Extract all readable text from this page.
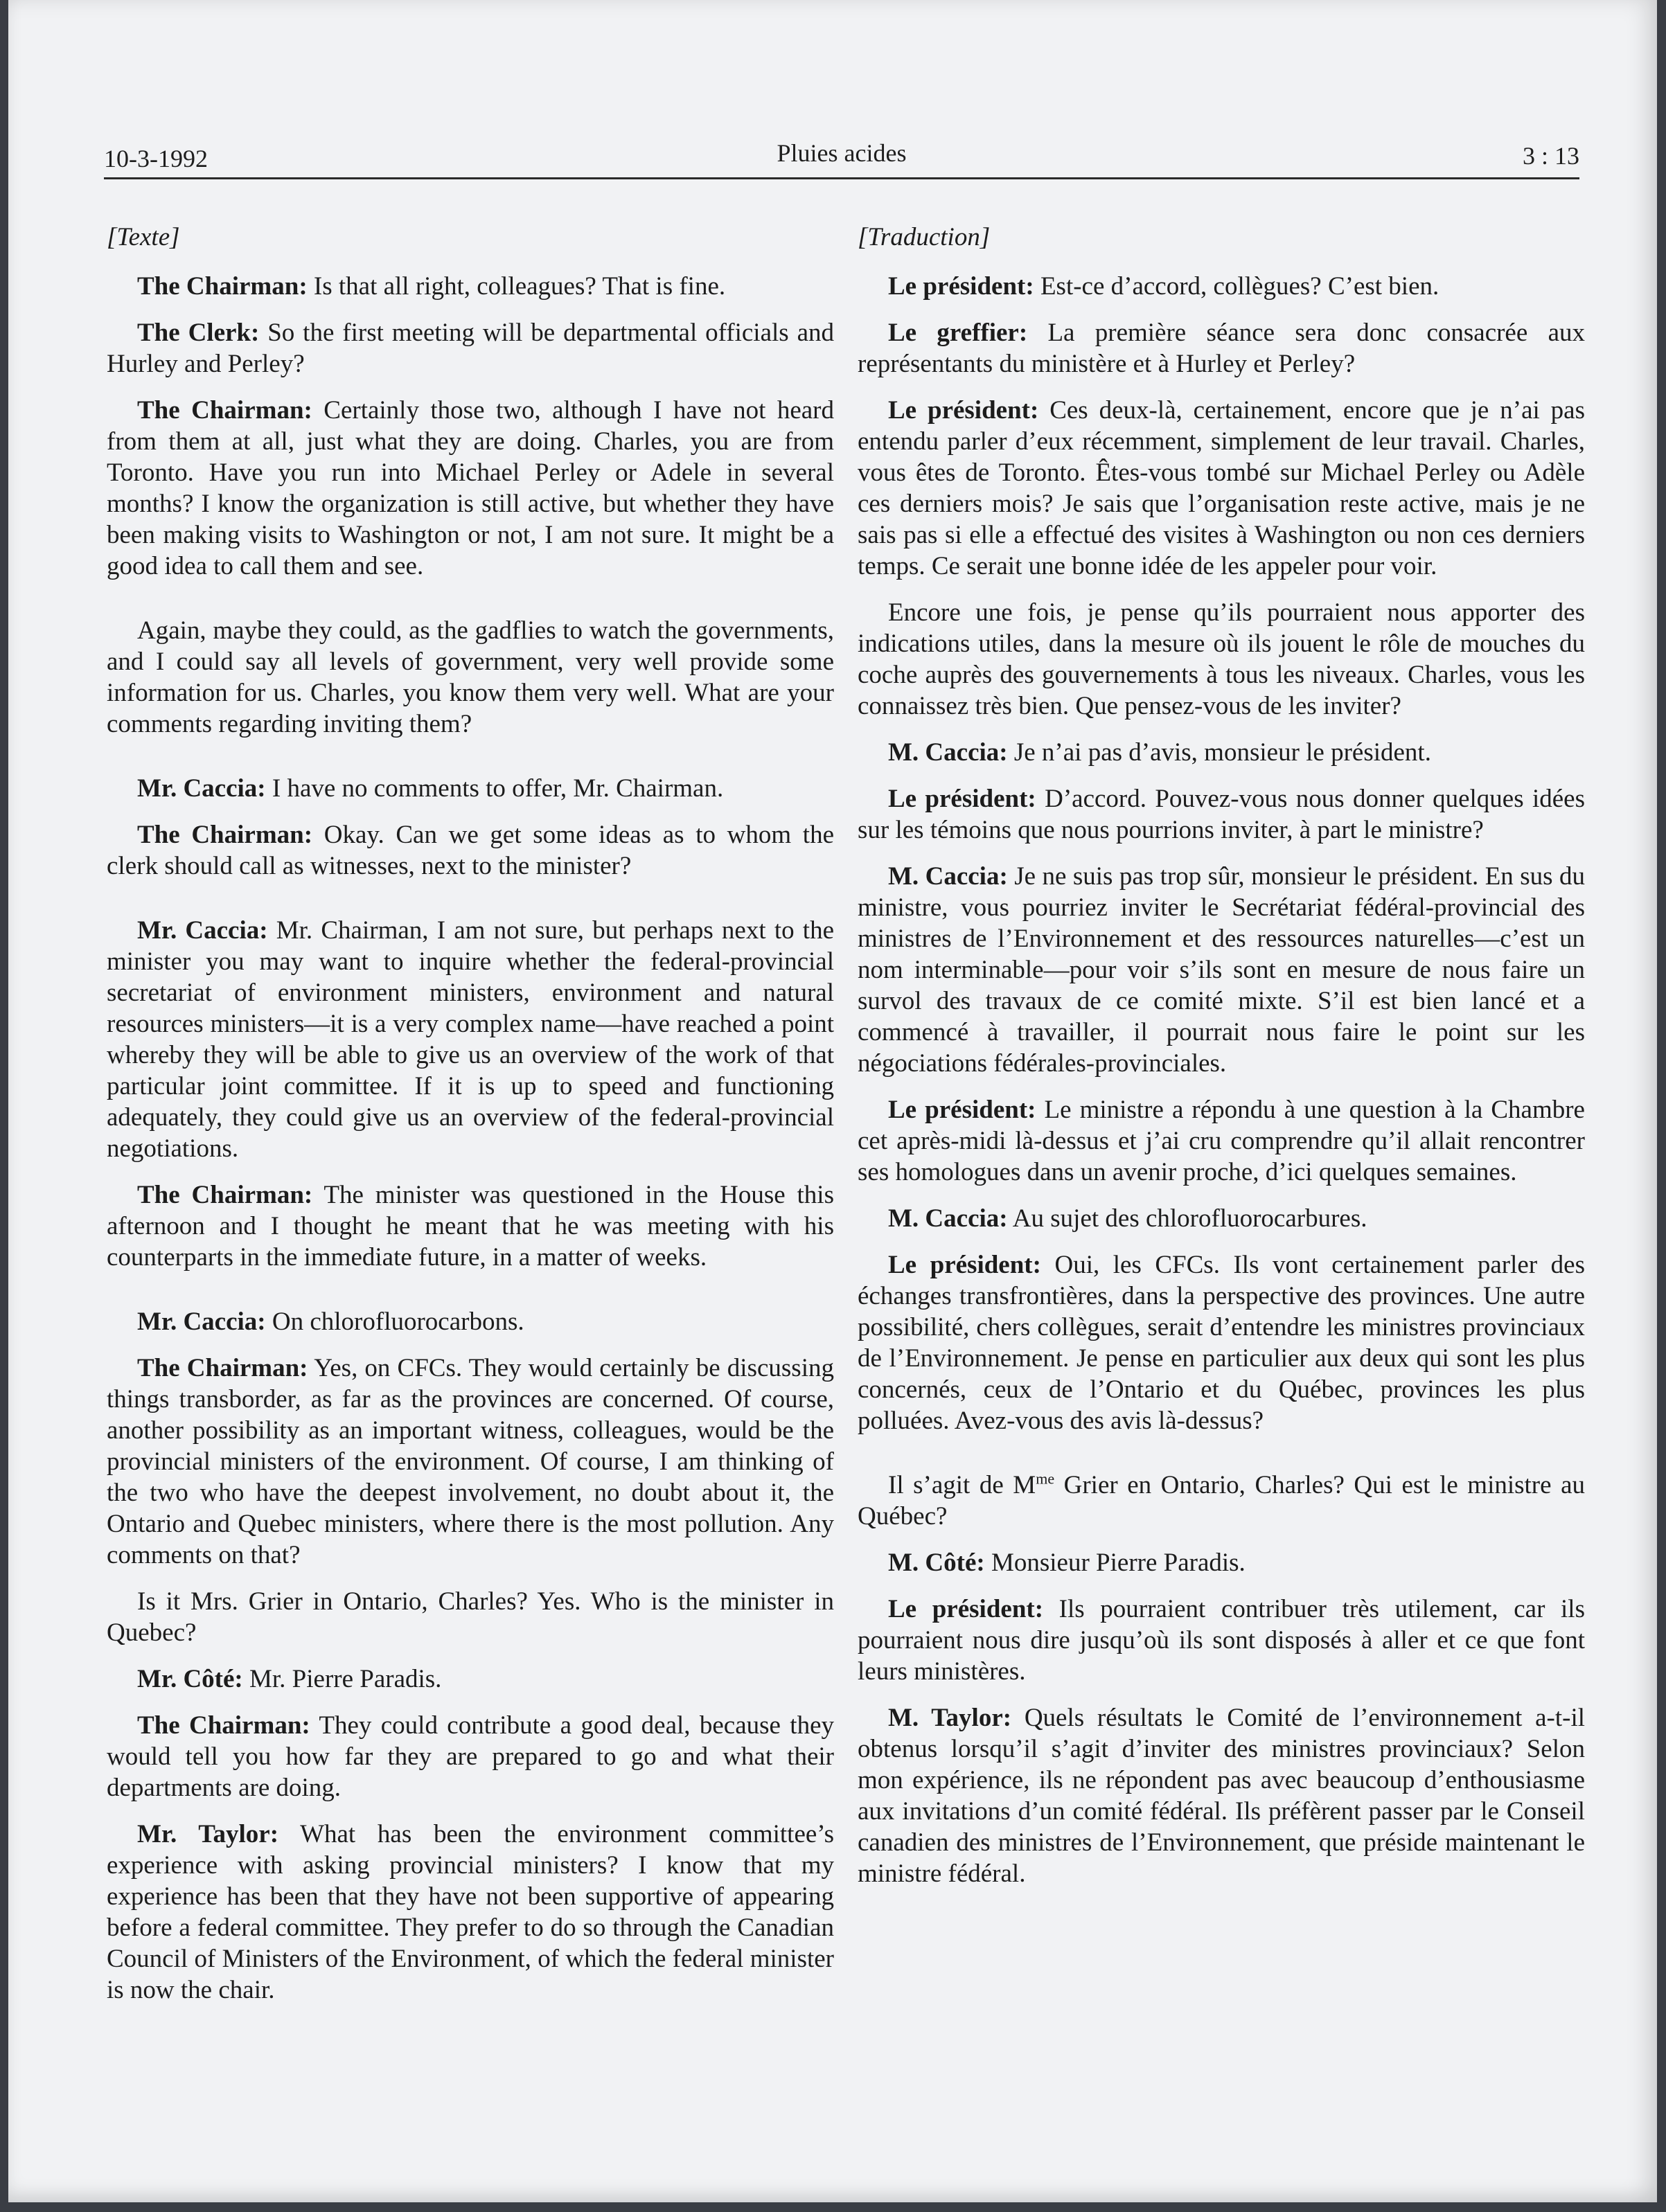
10-3-1992	Pluies acides	3 : 13

[Texte]

The Chairman: Is that all right, colleagues? That is fine.

The Clerk: So the first meeting will be departmental officials and Hurley and Perley?

The Chairman: Certainly those two, although I have not heard from them at all, just what they are doing. Charles, you are from Toronto. Have you run into Michael Perley or Adele in several months? I know the organization is still active, but whether they have been making visits to Washington or not, I am not sure. It might be a good idea to call them and see.

Again, maybe they could, as the gadflies to watch the governments, and I could say all levels of government, very well provide some information for us. Charles, you know them very well. What are your comments regarding inviting them?

Mr. Caccia: I have no comments to offer, Mr. Chairman.

The Chairman: Okay. Can we get some ideas as to whom the clerk should call as witnesses, next to the minister?

Mr. Caccia: Mr. Chairman, I am not sure, but perhaps next to the minister you may want to inquire whether the federal-provincial secretariat of environment ministers, environment and natural resources ministers—it is a very complex name—have reached a point whereby they will be able to give us an overview of the work of that particular joint committee. If it is up to speed and functioning adequately, they could give us an overview of the federal-provincial negotiations.

The Chairman: The minister was questioned in the House this afternoon and I thought he meant that he was meeting with his counterparts in the immediate future, in a matter of weeks.

Mr. Caccia: On chlorofluorocarbons.

The Chairman: Yes, on CFCs. They would certainly be discussing things transborder, as far as the provinces are concerned. Of course, another possibility as an important witness, colleagues, would be the provincial ministers of the environment. Of course, I am thinking of the two who have the deepest involvement, no doubt about it, the Ontario and Quebec ministers, where there is the most pollution. Any comments on that?

Is it Mrs. Grier in Ontario, Charles? Yes. Who is the minister in Quebec?

Mr. Côté: Mr. Pierre Paradis.

The Chairman: They could contribute a good deal, because they would tell you how far they are prepared to go and what their departments are doing.

Mr. Taylor: What has been the environment committee’s experience with asking provincial ministers? I know that my experience has been that they have not been supportive of appearing before a federal committee. They prefer to do so through the Canadian Council of Ministers of the Environment, of which the federal minister is now the chair.

[Traduction]

Le président: Est-ce d’accord, collègues? C’est bien.

Le greffier: La première séance sera donc consacrée aux représentants du ministère et à Hurley et Perley?

Le président: Ces deux-là, certainement, encore que je n’ai pas entendu parler d’eux récemment, simplement de leur travail. Charles, vous êtes de Toronto. Êtes-vous tombé sur Michael Perley ou Adèle ces derniers mois? Je sais que l’organisation reste active, mais je ne sais pas si elle a effectué des visites à Washington ou non ces derniers temps. Ce serait une bonne idée de les appeler pour voir.

Encore une fois, je pense qu’ils pourraient nous apporter des indications utiles, dans la mesure où ils jouent le rôle de mouches du coche auprès des gouvernements à tous les niveaux. Charles, vous les connaissez très bien. Que pensez-vous de les inviter?

M. Caccia: Je n’ai pas d’avis, monsieur le président.

Le président: D’accord. Pouvez-vous nous donner quelques idées sur les témoins que nous pourrions inviter, à part le ministre?

M. Caccia: Je ne suis pas trop sûr, monsieur le président. En sus du ministre, vous pourriez inviter le Secrétariat fédéral-provincial des ministres de l’Environnement et des ressources naturelles—c’est un nom interminable—pour voir s’ils sont en mesure de nous faire un survol des travaux de ce comité mixte. S’il est bien lancé et a commencé à travailler, il pourrait nous faire le point sur les négociations fédérales-provinciales.

Le président: Le ministre a répondu à une question à la Chambre cet après-midi là-dessus et j’ai cru comprendre qu’il allait rencontrer ses homologues dans un avenir proche, d’ici quelques semaines.

M. Caccia: Au sujet des chlorofluorocarbures.

Le président: Oui, les CFCs. Ils vont certainement parler des échanges transfrontières, dans la perspective des provinces. Une autre possibilité, chers collègues, serait d’entendre les ministres provinciaux de l’Environnement. Je pense en particulier aux deux qui sont les plus concernés, ceux de l’Ontario et du Québec, provinces les plus polluées. Avez-vous des avis là-dessus?

Il s’agit de $M^{me}$ Grier en Ontario, Charles? Qui est le ministre au Québec?

M. Côté: Monsieur Pierre Paradis.

Le président: Ils pourraient contribuer très utilement, car ils pourraient nous dire jusqu’où ils sont disposés à aller et ce que font leurs ministères.

M. Taylor: Quels résultats le Comité de l’environnement a-t-il obtenus lorsqu’il s’agit d’inviter des ministres provinciaux? Selon mon expérience, ils ne répondent pas avec beaucoup d’enthousiasme aux invitations d’un comité fédéral. Ils préfèrent passer par le Conseil canadien des ministres de l’Environnement, que préside maintenant le ministre fédéral.
